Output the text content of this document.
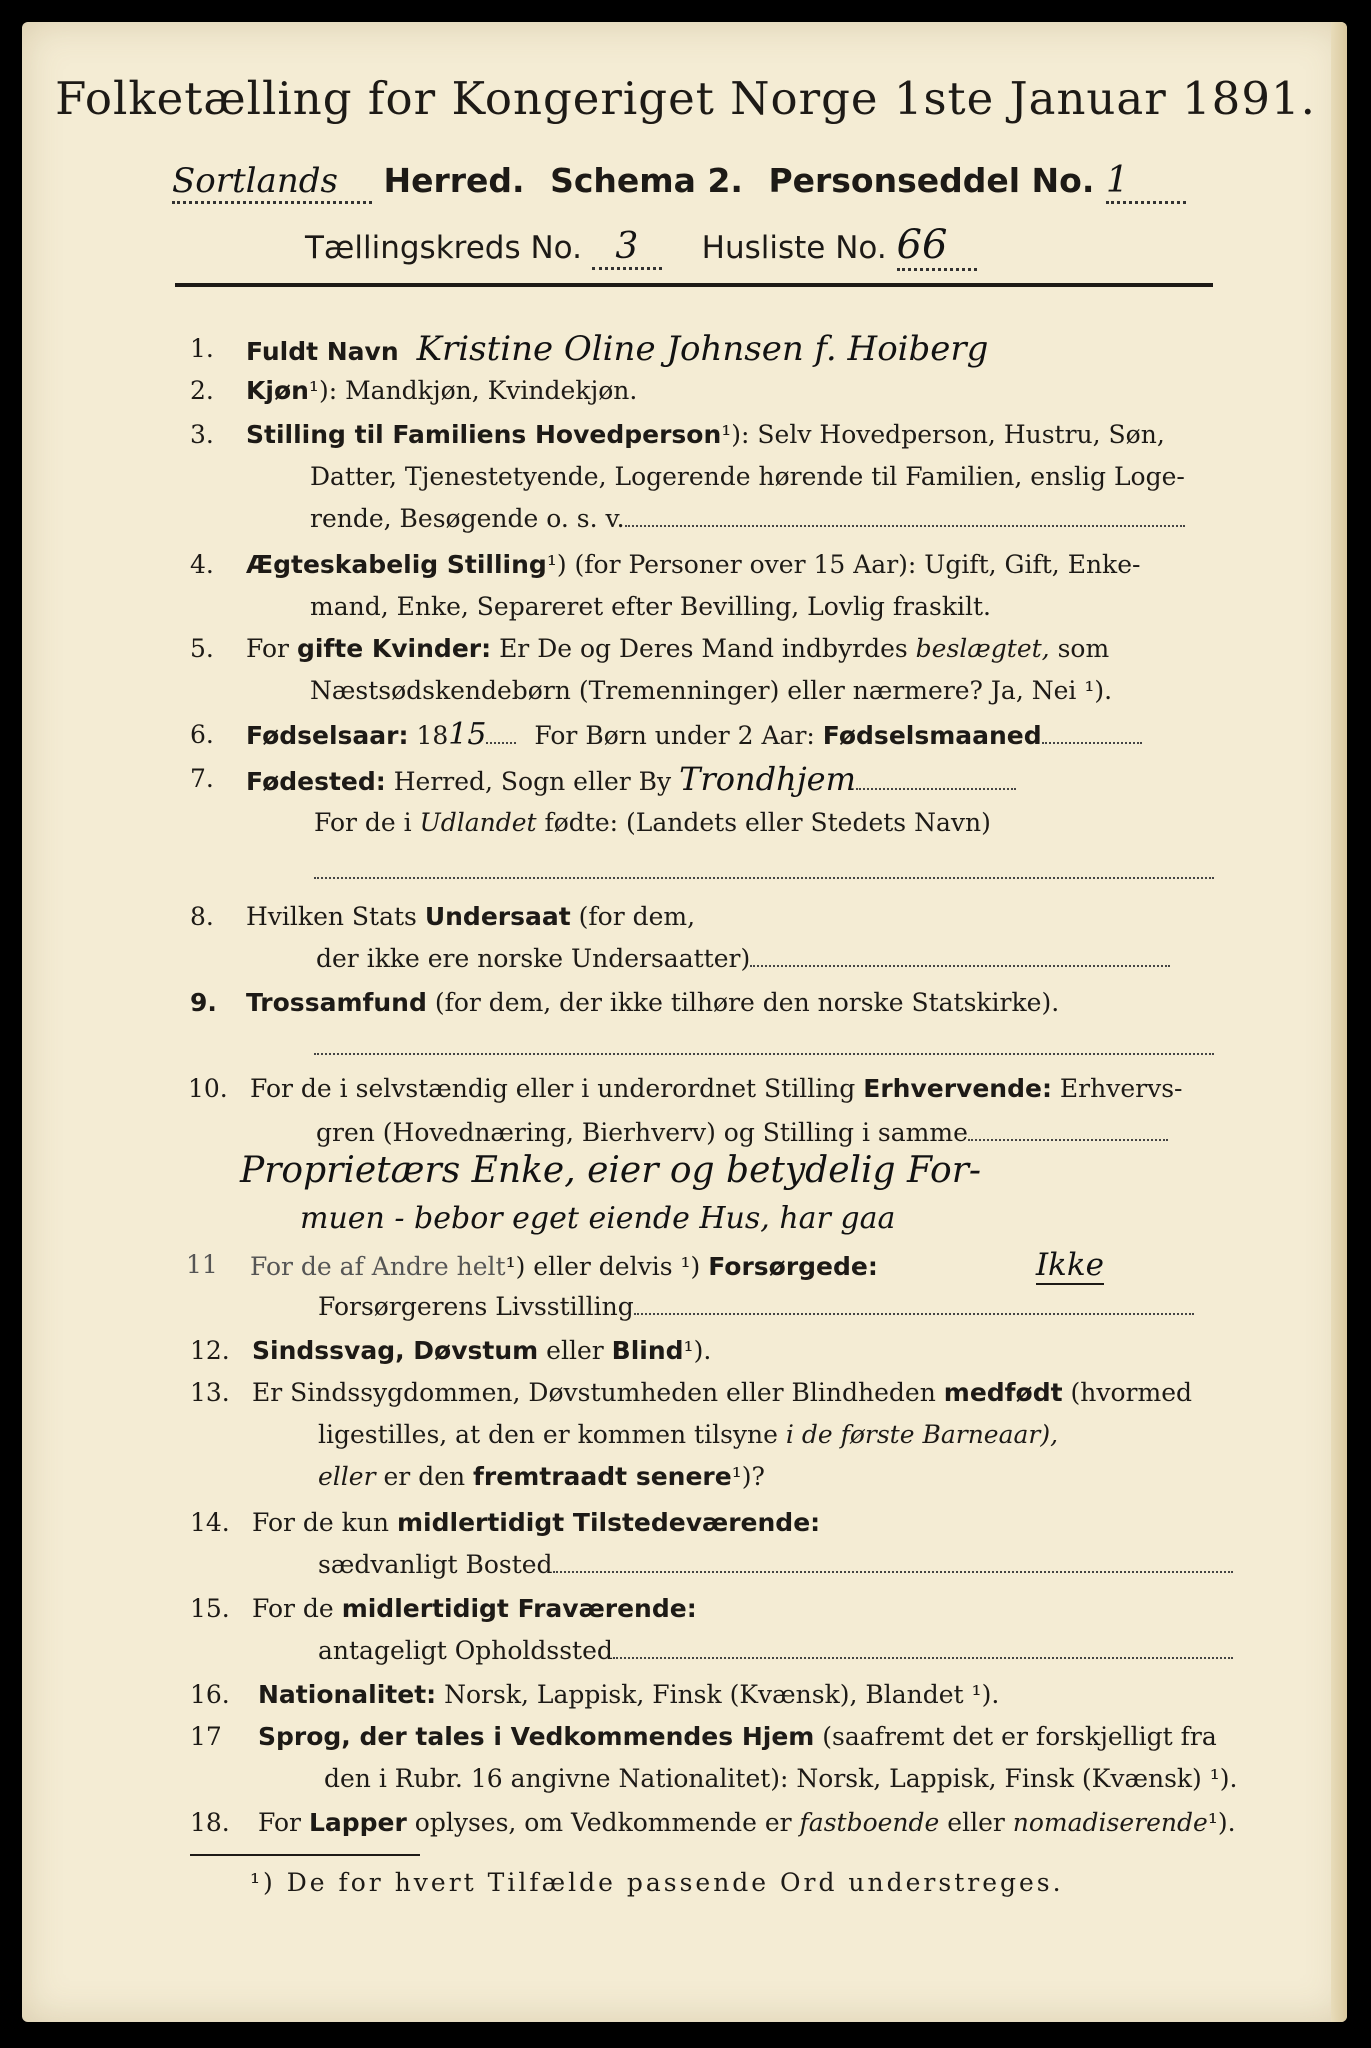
Folketælling for Kongeriget Norge 1ste Januar 1891.
Sortlands Herred. Schema 2. Personseddel No. 1
Tællingskreds No. 3 Husliste No. 66
1.	Fuldt Navn Kristine Oline Johnsen f. Hoiberg
2.	Kjøn¹): Mandkjøn, Kvindekjøn.
3.	Stilling til Familiens Hovedperson¹): Selv Hovedperson, Hustru, Søn,
Datter, Tjenestetyende, Logerende hørende til Familien, enslig Loge-
rende, Besøgende o. s. v.
4.	Ægteskabelig Stilling¹) (for Personer over 15 Aar): Ugift, Gift, Enke-
mand, Enke, Separeret efter Bevilling, Lovlig fraskilt.
5.	For gifte Kvinder: Er De og Deres Mand indbyrdes beslægtet, som
Næstsødskendebørn (Tremenninger) eller nærmere? Ja, Nei ¹).
6.	Fødselsaar: 1815 For Børn under 2 Aar: Fødselsmaaned
7.	Fødested: Herred, Sogn eller By Trondhjem
For de i Udlandet fødte: (Landets eller Stedets Navn)
8.	Hvilken Stats Undersaat (for dem,
der ikke ere norske Undersaatter)
9.	Trossamfund (for dem, der ikke tilhøre den norske Statskirke).
10. For de i selvstændig eller i underordnet Stilling Erhvervende: Erhvervs-
gren (Hovednæring, Bierhverv) og Stilling i samme
Proprietærs Enke, eier og betydelig For-
muen - bebor eget eiende Hus, har gaa
11	For de af Andre helt¹) eller delvis ¹) Forsørgede:	Ikke
Forsørgerens Livsstilling
12. Sindssvag, Døvstum eller Blind¹).
13. Er Sindssygdommen, Døvstumheden eller Blindheden medfødt (hvormed
ligestilles, at den er kommen tilsyne i de første Barneaar),
eller er den fremtraadt senere¹)?
14. For de kun midlertidigt Tilstedeværende:
sædvanligt Bosted
15. For de midlertidigt Fraværende:
antageligt Opholdssted
16.	Nationalitet: Norsk, Lappisk, Finsk (Kvænsk), Blandet ¹).
17	Sprog, der tales i Vedkommendes Hjem (saafremt det er forskjelligt fra
den i Rubr. 16 angivne Nationalitet): Norsk, Lappisk, Finsk (Kvænsk) ¹).
18.	For Lapper oplyses, om Vedkommende er fastboende eller nomadiserende¹).
¹) De for hvert Tilfælde passende Ord understreges.
